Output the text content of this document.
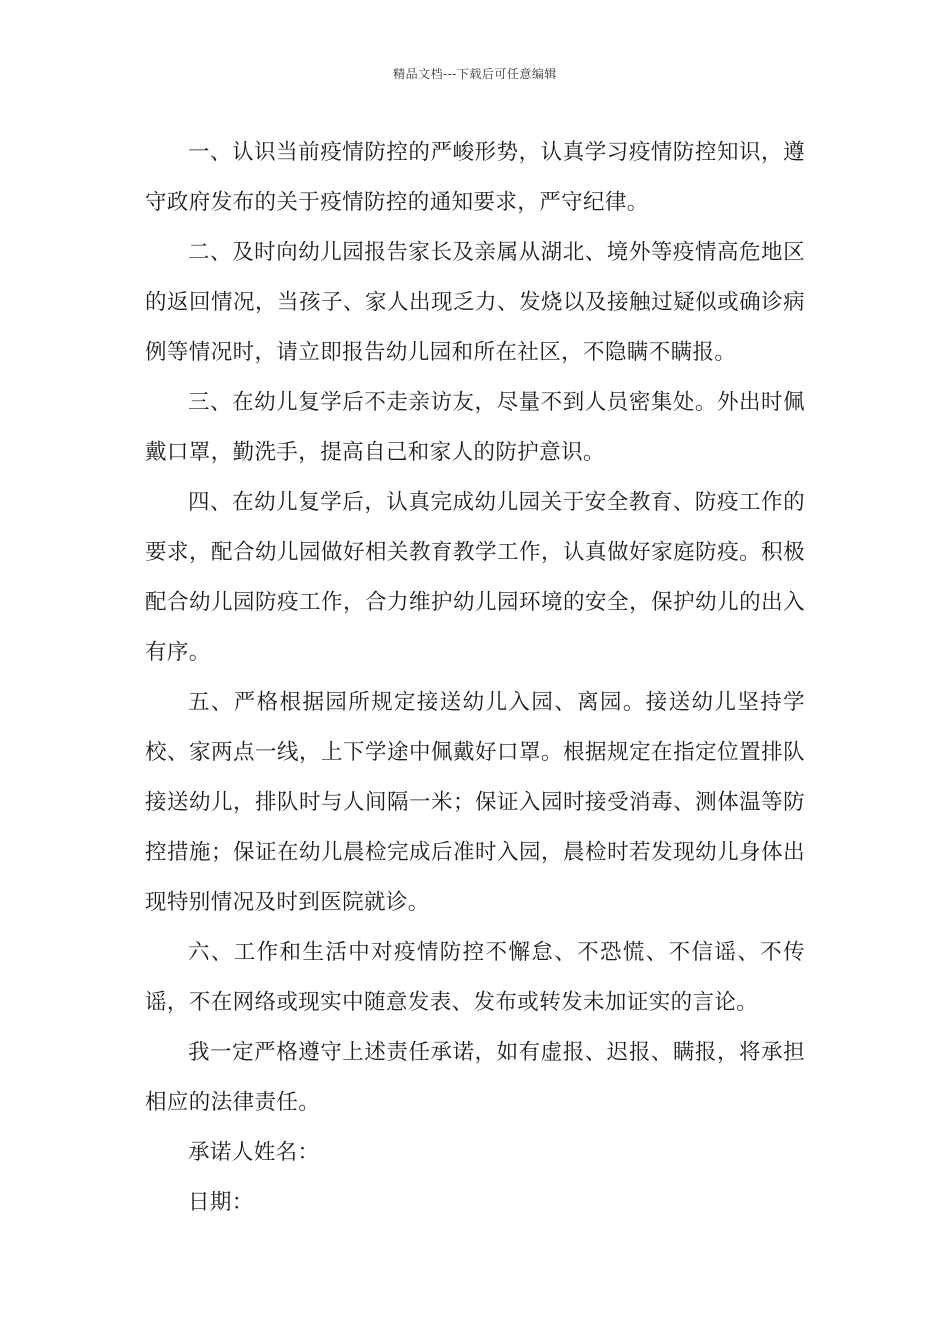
精品文档---下载后可任意编辑

一、认识当前疫情防控的严峻形势，认真学习疫情防控知识，遵守政府发布的关于疫情防控的通知要求，严守纪律。

二、及时向幼儿园报告家长及亲属从湖北、境外等疫情高危地区的返回情况，当孩子、家人出现乏力、发烧以及接触过疑似或确诊病例等情况时，请立即报告幼儿园和所在社区，不隐瞒不瞒报。

三、在幼儿复学后不走亲访友，尽量不到人员密集处。外出时佩戴口罩，勤洗手，提高自己和家人的防护意识。

四、在幼儿复学后，认真完成幼儿园关于安全教育、防疫工作的要求，配合幼儿园做好相关教育教学工作，认真做好家庭防疫。积极配合幼儿园防疫工作，合力维护幼儿园环境的安全，保护幼儿的出入有序。

五、严格根据园所规定接送幼儿入园、离园。接送幼儿坚持学校、家两点一线，上下学途中佩戴好口罩。根据规定在指定位置排队接送幼儿，排队时与人间隔一米；保证入园时接受消毒、测体温等防控措施；保证在幼儿晨检完成后准时入园，晨检时若发现幼儿身体出现特别情况及时到医院就诊。

六、工作和生活中对疫情防控不懈怠、不恐慌、不信谣、不传谣，不在网络或现实中随意发表、发布或转发未加证实的言论。

我一定严格遵守上述责任承诺，如有虚报、迟报、瞒报，将承担相应的法律责任。

承诺人姓名：

日期：
